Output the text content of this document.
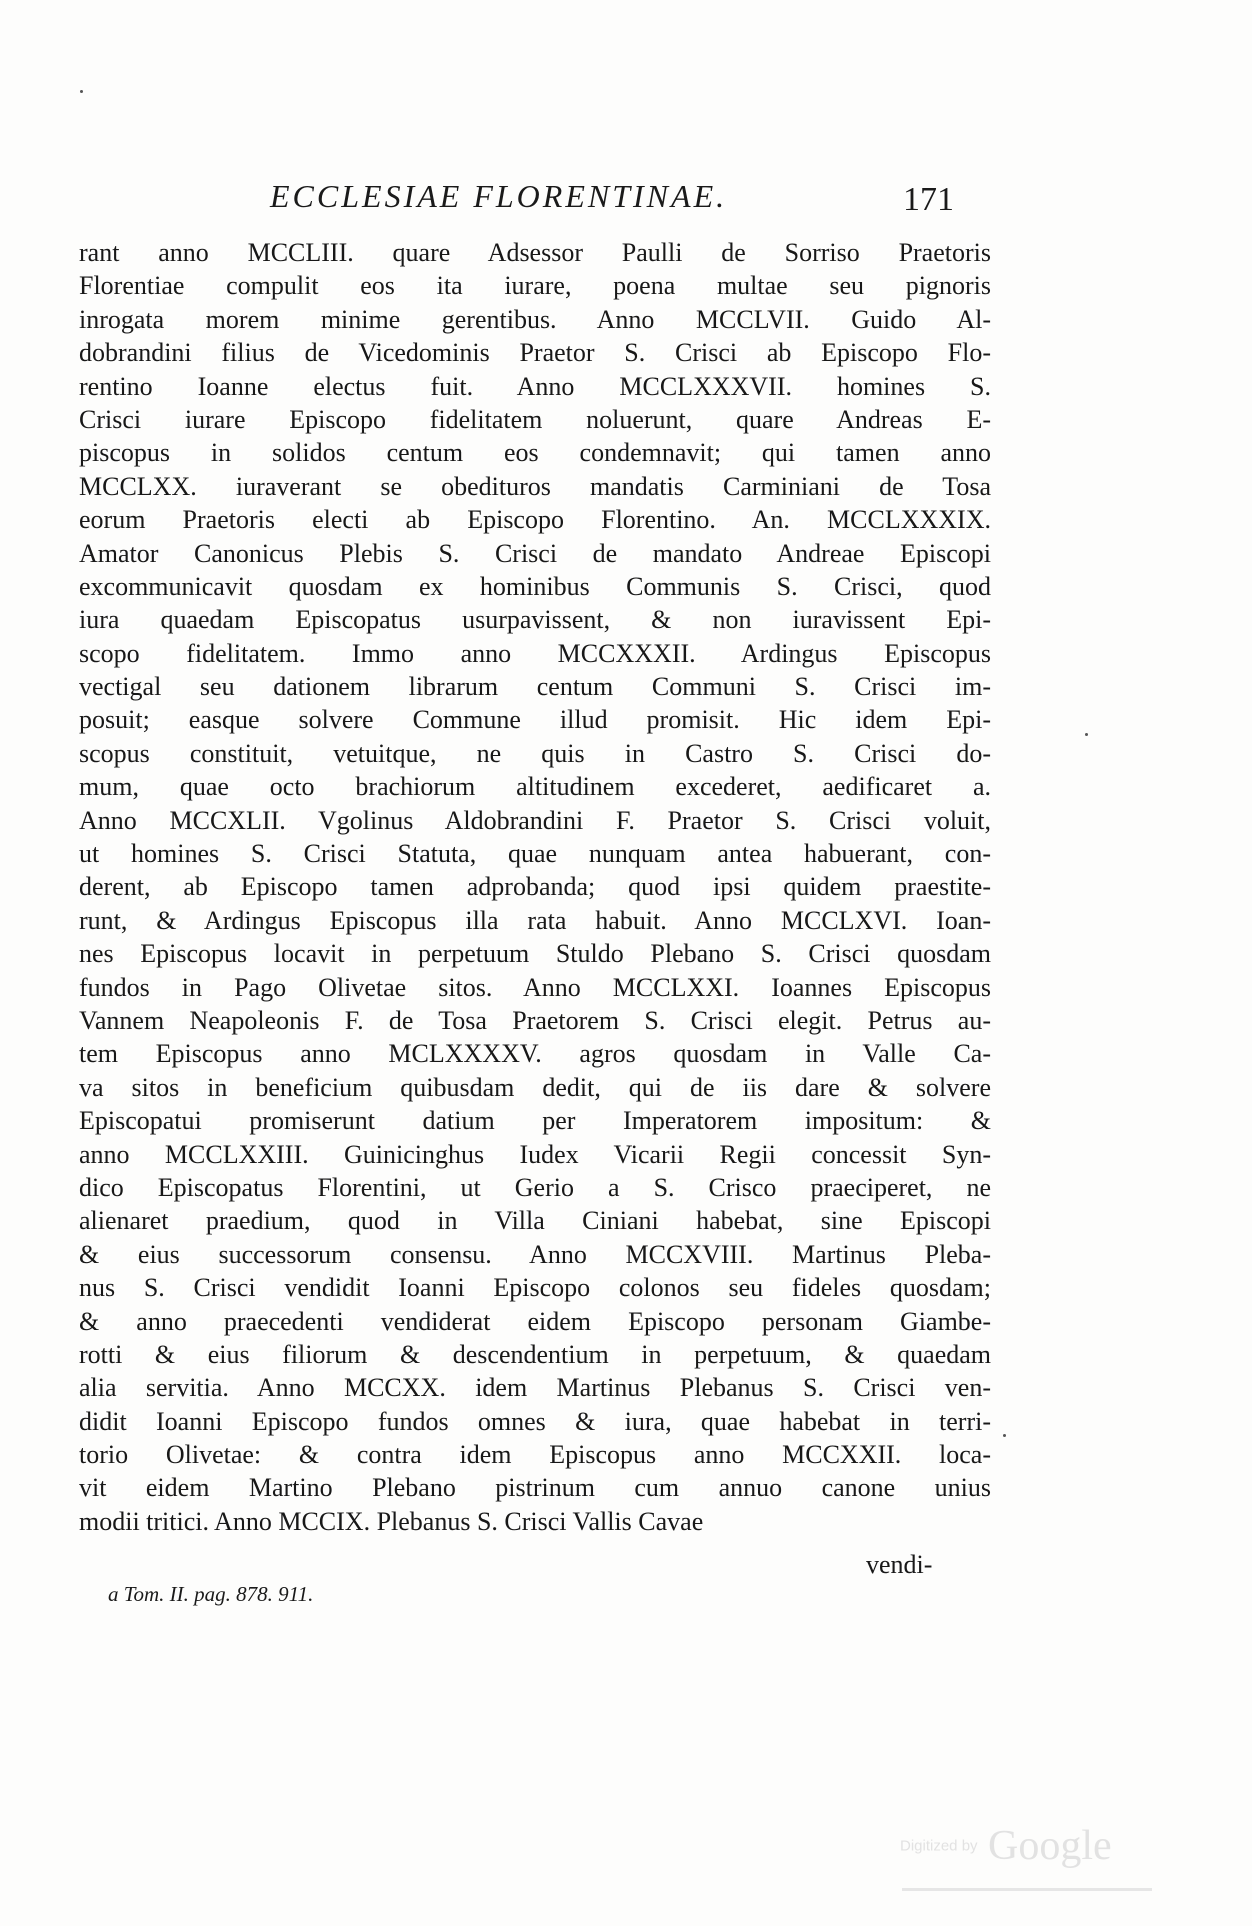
ECCLESIAE FLORENTINAE.	171
rant anno MCCLIII. quare Adsessor Paulli de Sorriso Praetoris
Florentiae compulit eos ita iurare, poena multae seu pignoris
inrogata morem minime gerentibus. Anno MCCLVII. Guido Al-
dobrandini filius de Vicedominis Praetor S. Crisci ab Episcopo Flo-
rentino Ioanne electus fuit. Anno MCCLXXXVII. homines S.
Crisci iurare Episcopo fidelitatem noluerunt, quare Andreas E-
piscopus in solidos centum eos condemnavit; qui tamen anno
MCCLXX. iuraverant se obedituros mandatis Carminiani de Tosa
eorum Praetoris electi ab Episcopo Florentino. An. MCCLXXXIX.
Amator Canonicus Plebis S. Crisci de mandato Andreae Episcopi
excommunicavit quosdam ex hominibus Communis S. Crisci, quod
iura quaedam Episcopatus usurpavissent, & non iuravissent Epi-
scopo fidelitatem. Immo anno MCCXXXII. Ardingus Episcopus
vectigal seu dationem librarum centum Communi S. Crisci im-
posuit; easque solvere Commune illud promisit. Hic idem Epi-
scopus constituit, vetuitque, ne quis in Castro S. Crisci do-
mum, quae octo brachiorum altitudinem excederet, aedificaret a.
Anno MCCXLII. Vgolinus Aldobrandini F. Praetor S. Crisci voluit,
ut homines S. Crisci Statuta, quae nunquam antea habuerant, con-
derent, ab Episcopo tamen adprobanda; quod ipsi quidem praestite-
runt, & Ardingus Episcopus illa rata habuit. Anno MCCLXVI. Ioan-
nes Episcopus locavit in perpetuum Stuldo Plebano S. Crisci quosdam
fundos in Pago Olivetae sitos. Anno MCCLXXI. Ioannes Episcopus
Vannem Neapoleonis F. de Tosa Praetorem S. Crisci elegit. Petrus au-
tem Episcopus anno MCLXXXXV. agros quosdam in Valle Ca-
va sitos in beneficium quibusdam dedit, qui de iis dare & solvere
Episcopatui promiserunt datium per Imperatorem impositum: &
anno MCCLXXIII. Guinicinghus Iudex Vicarii Regii concessit Syn-
dico Episcopatus Florentini, ut Gerio a S. Crisco praeciperet, ne
alienaret praedium, quod in Villa Ciniani habebat, sine Episcopi
& eius successorum consensu. Anno MCCXVIII. Martinus Pleba-
nus S. Crisci vendidit Ioanni Episcopo colonos seu fideles quosdam;
& anno praecedenti vendiderat eidem Episcopo personam Giambe-
rotti & eius filiorum & descendentium in perpetuum, & quaedam
alia servitia. Anno MCCXX. idem Martinus Plebanus S. Crisci ven-
didit Ioanni Episcopo fundos omnes & iura, quae habebat in terri-
torio Olivetae: & contra idem Episcopus anno MCCXXII. loca-
vit eidem Martino Plebano pistrinum cum annuo canone unius
modii tritici. Anno MCCIX. Plebanus S. Crisci Vallis Cavae
vendi-
a Tom. II. pag. 878. 911.
Digitized by Google
